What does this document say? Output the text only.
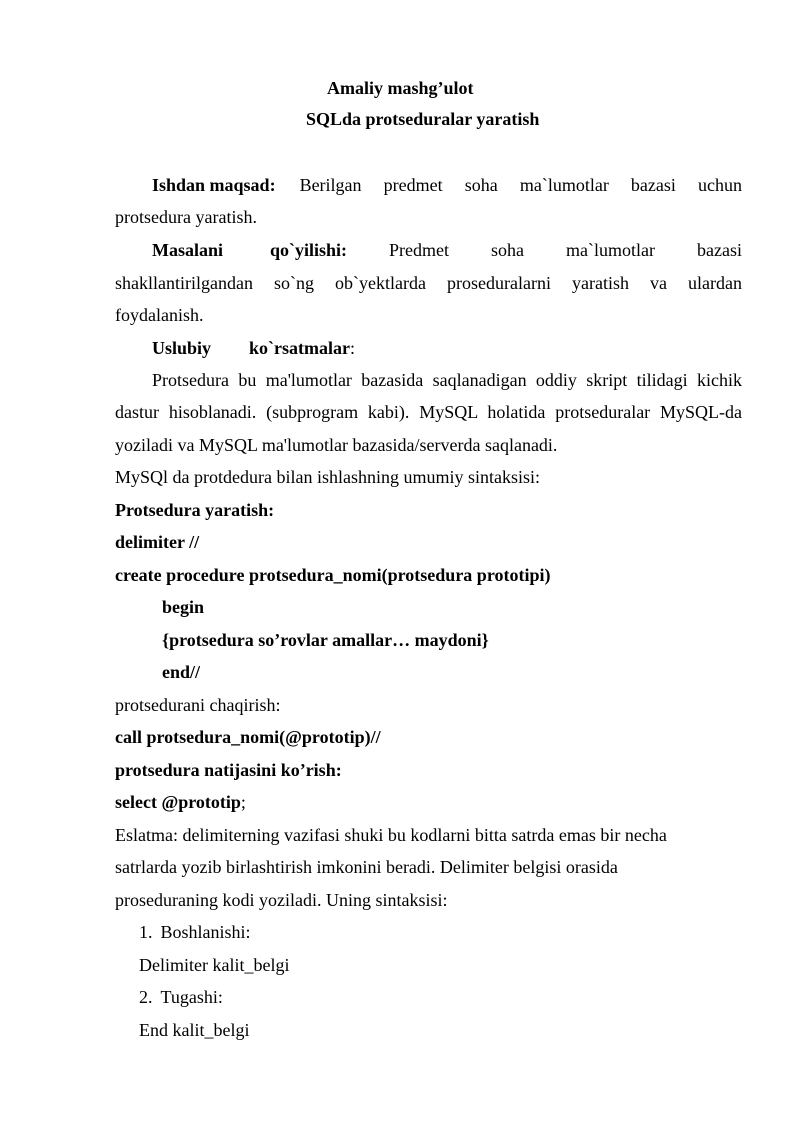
Amaliy mashg’ulot
SQLda protseduralar yaratish
Ishdan maqsad: Berilgan predmet soha ma`lumotlar bazasi uchun
protsedura yaratish.
Masalani	qo`yilishi: Predmet soha ma`lumotlar bazasi
shakllantirilgandan so`ng ob`yektlarda proseduralarni yaratish va ulardan
foydalanish.
Uslubiy ko`rsatmalar:
Protsedura bu ma'lumotlar bazasida saqlanadigan oddiy skript tilidagi kichik
dastur hisoblanadi. (subprogram kabi). MySQL holatida protseduralar MySQL-da
yoziladi va MySQL ma'lumotlar bazasida/serverda saqlanadi.
MySQl da protdedura bilan ishlashning umumiy sintaksisi:
Protsedura yaratish:
delimiter //
create procedure protsedura_nomi(protsedura prototipi)
begin
{protsedura so’rovlar amallar… maydoni}
end//
protsedurani chaqirish:
call protsedura_nomi(@prototip)//
protsedura natijasini ko’rish:
select @prototip;
Eslatma: delimiterning vazifasi shuki bu kodlarni bitta satrda emas bir necha
satrlarda yozib birlashtirish imkonini beradi. Delimiter belgisi orasida
proseduraning kodi yoziladi. Uning sintaksisi:
1. Boshlanishi:
Delimiter kalit_belgi
2. Tugashi:
End kalit_belgi
